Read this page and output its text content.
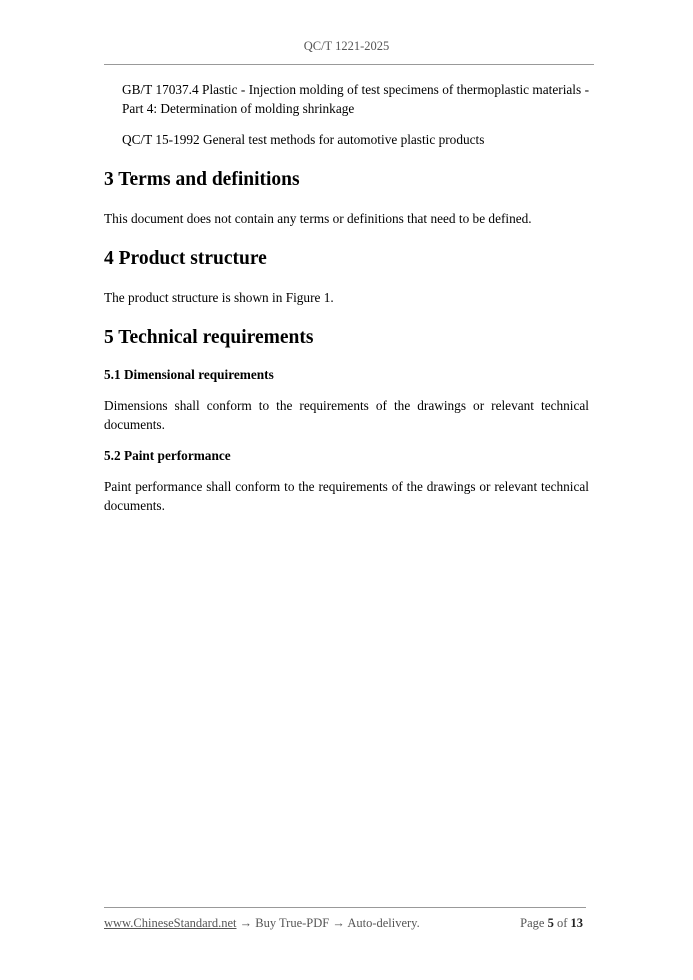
QC/T 1221-2025
GB/T 17037.4 Plastic - Injection molding of test specimens of thermoplastic materials - Part 4: Determination of molding shrinkage
QC/T 15-1992 General test methods for automotive plastic products
3 Terms and definitions

This document does not contain any terms or definitions that need to be defined.

4 Product structure

The product structure is shown in Figure 1.

5 Technical requirements
5.1 Dimensional requirements

Dimensions shall conform to the requirements of the drawings or relevant technical documents.

5.2 Paint performance

Paint performance shall conform to the requirements of the drawings or relevant technical documents.

www.ChineseStandard.net → Buy True-PDF → Auto-delivery.	Page 5 of 13
